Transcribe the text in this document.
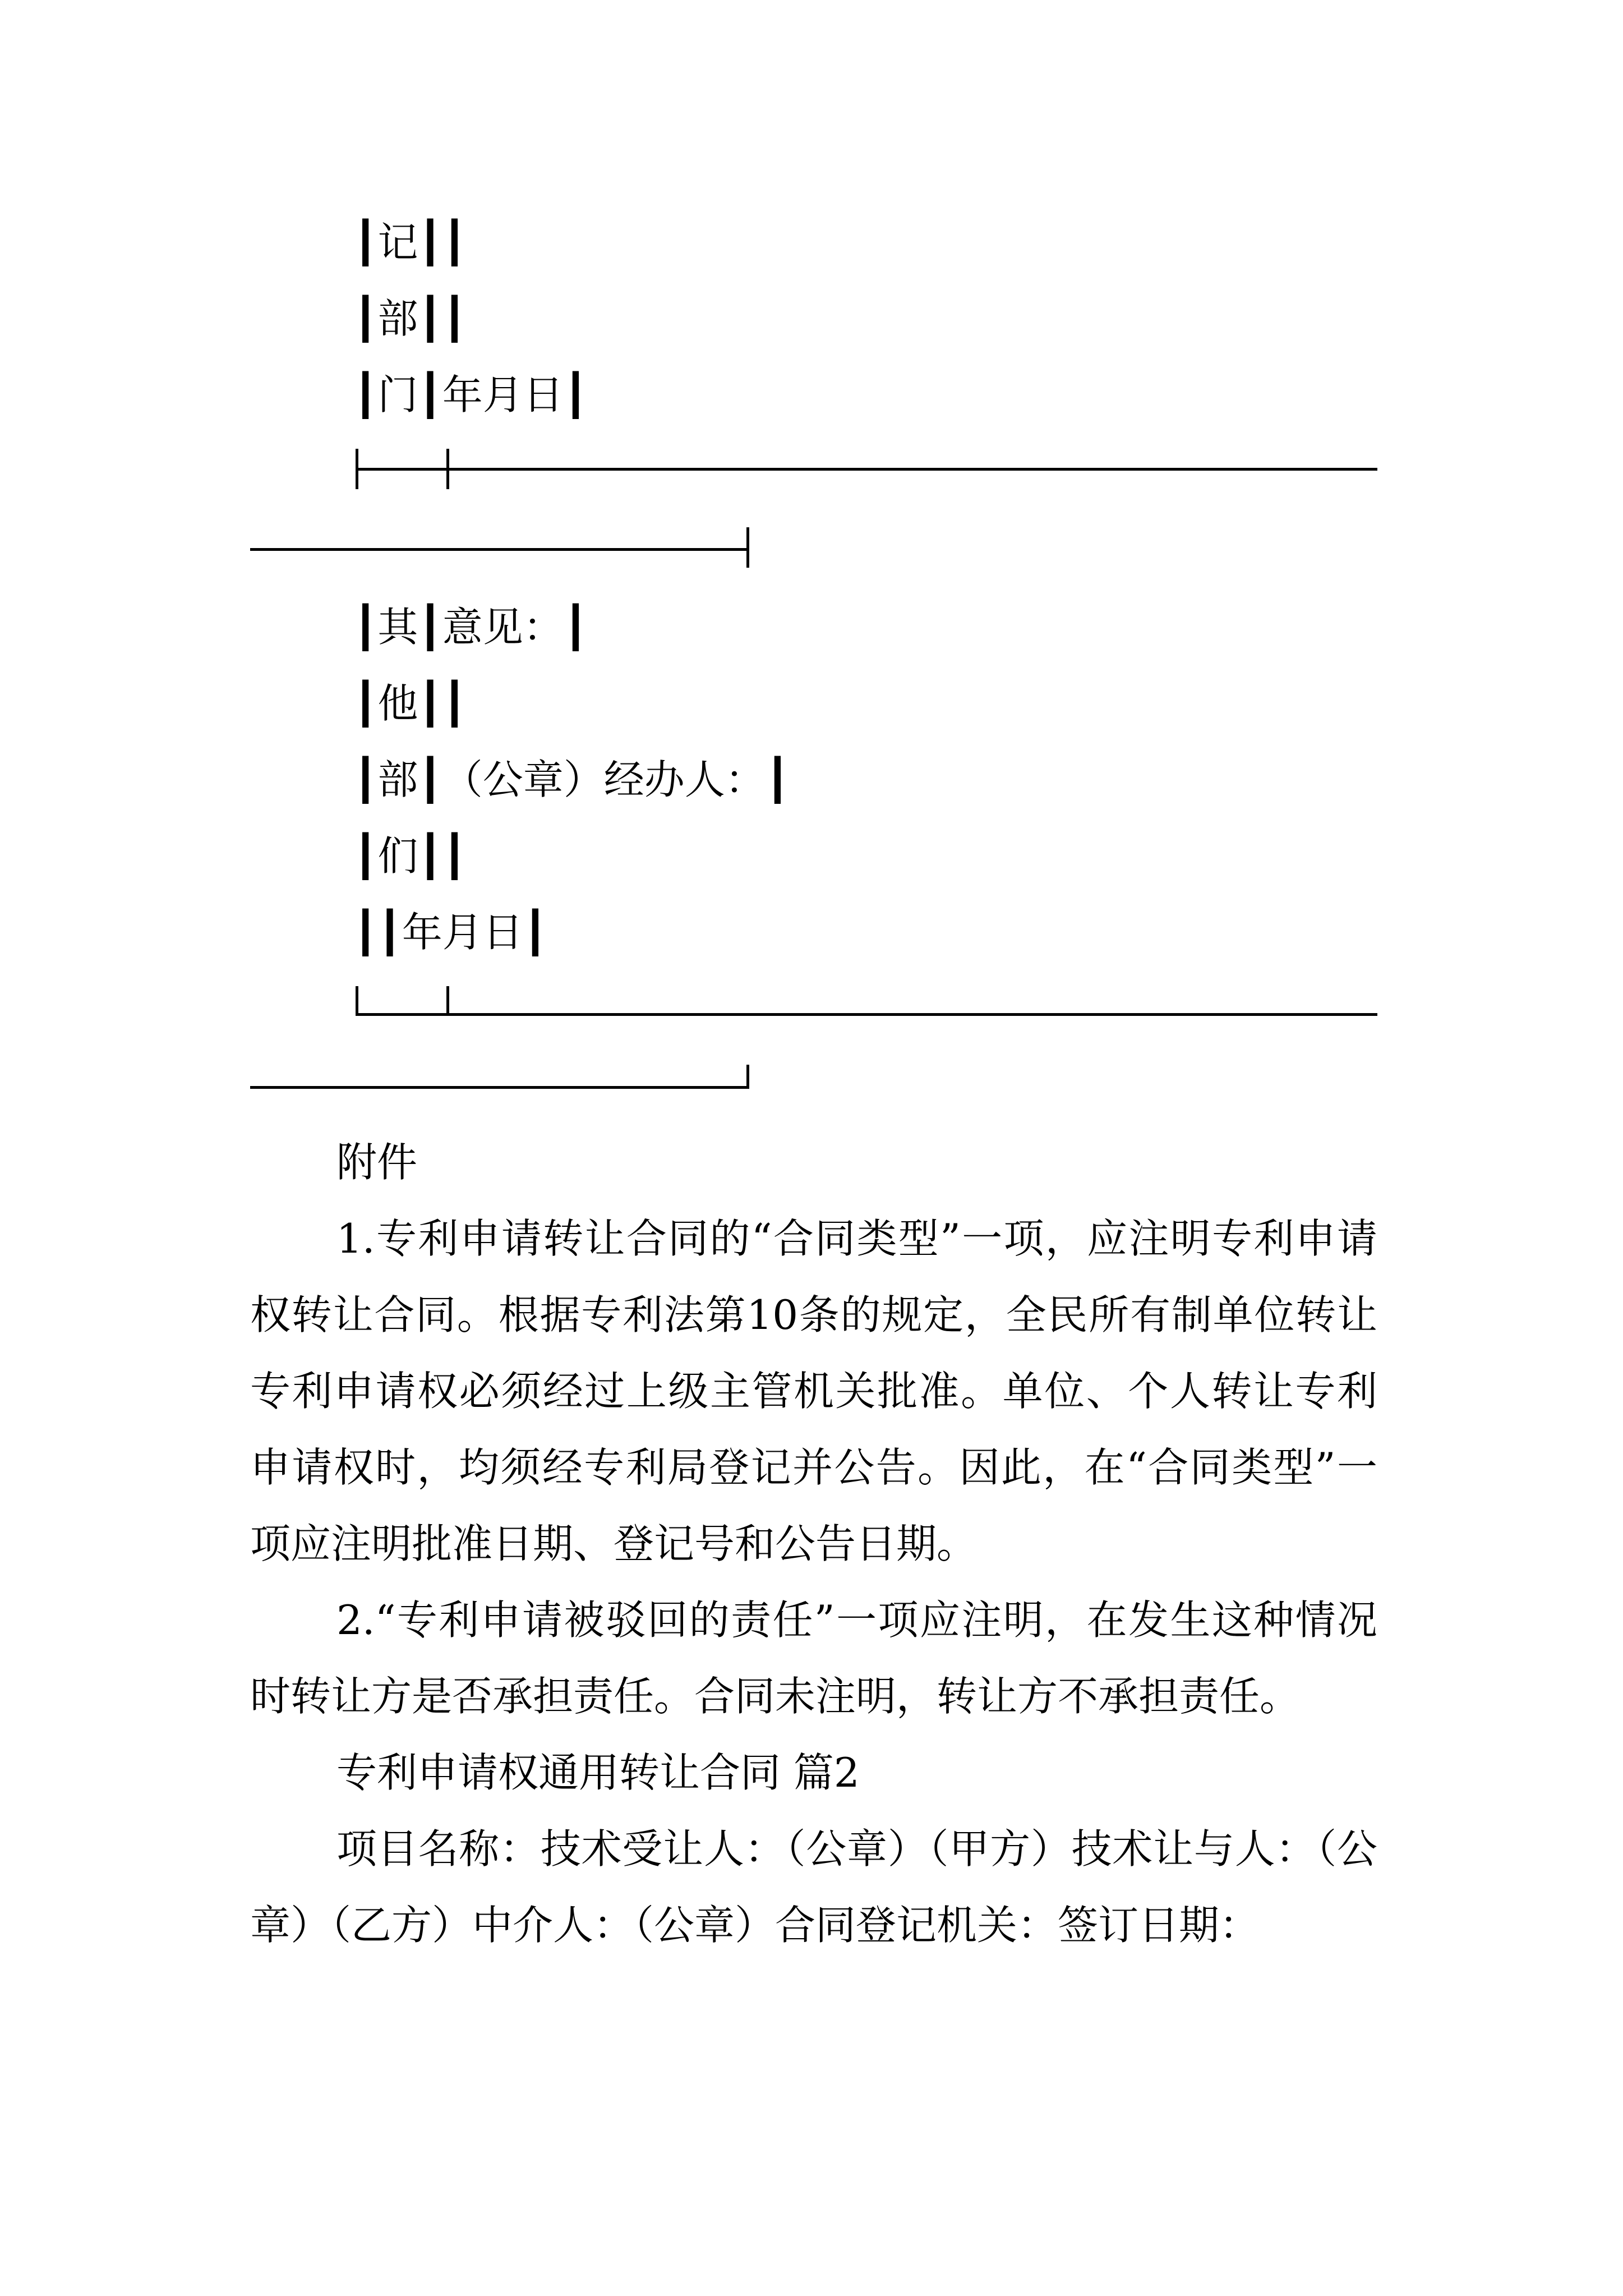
┃记┃┃
┃部┃┃
┃门┃年月日┃
┃其┃意见：┃
┃他┃┃
┃部┃（公章）经办人：┃
┃们┃┃
┃┃年月日┃

附件

1.专利申请转让合同的“合同类型”一项，应注明专利申请权转让合同。根据专利法第10条的规定，全民所有制单位转让专利申请权必须经过上级主管机关批准。单位、个人转让专利申请权时，均须经专利局登记并公告。因此，在“合同类型”一项应注明批准日期、登记号和公告日期。

2.“专利申请被驳回的责任”一项应注明，在发生这种情况时转让方是否承担责任。合同未注明，转让方不承担责任。

专利申请权通用转让合同 篇2

项目名称：技术受让人：（公章）（甲方）技术让与人：（公章）（乙方）中介人：（公章）合同登记机关：签订日期：
